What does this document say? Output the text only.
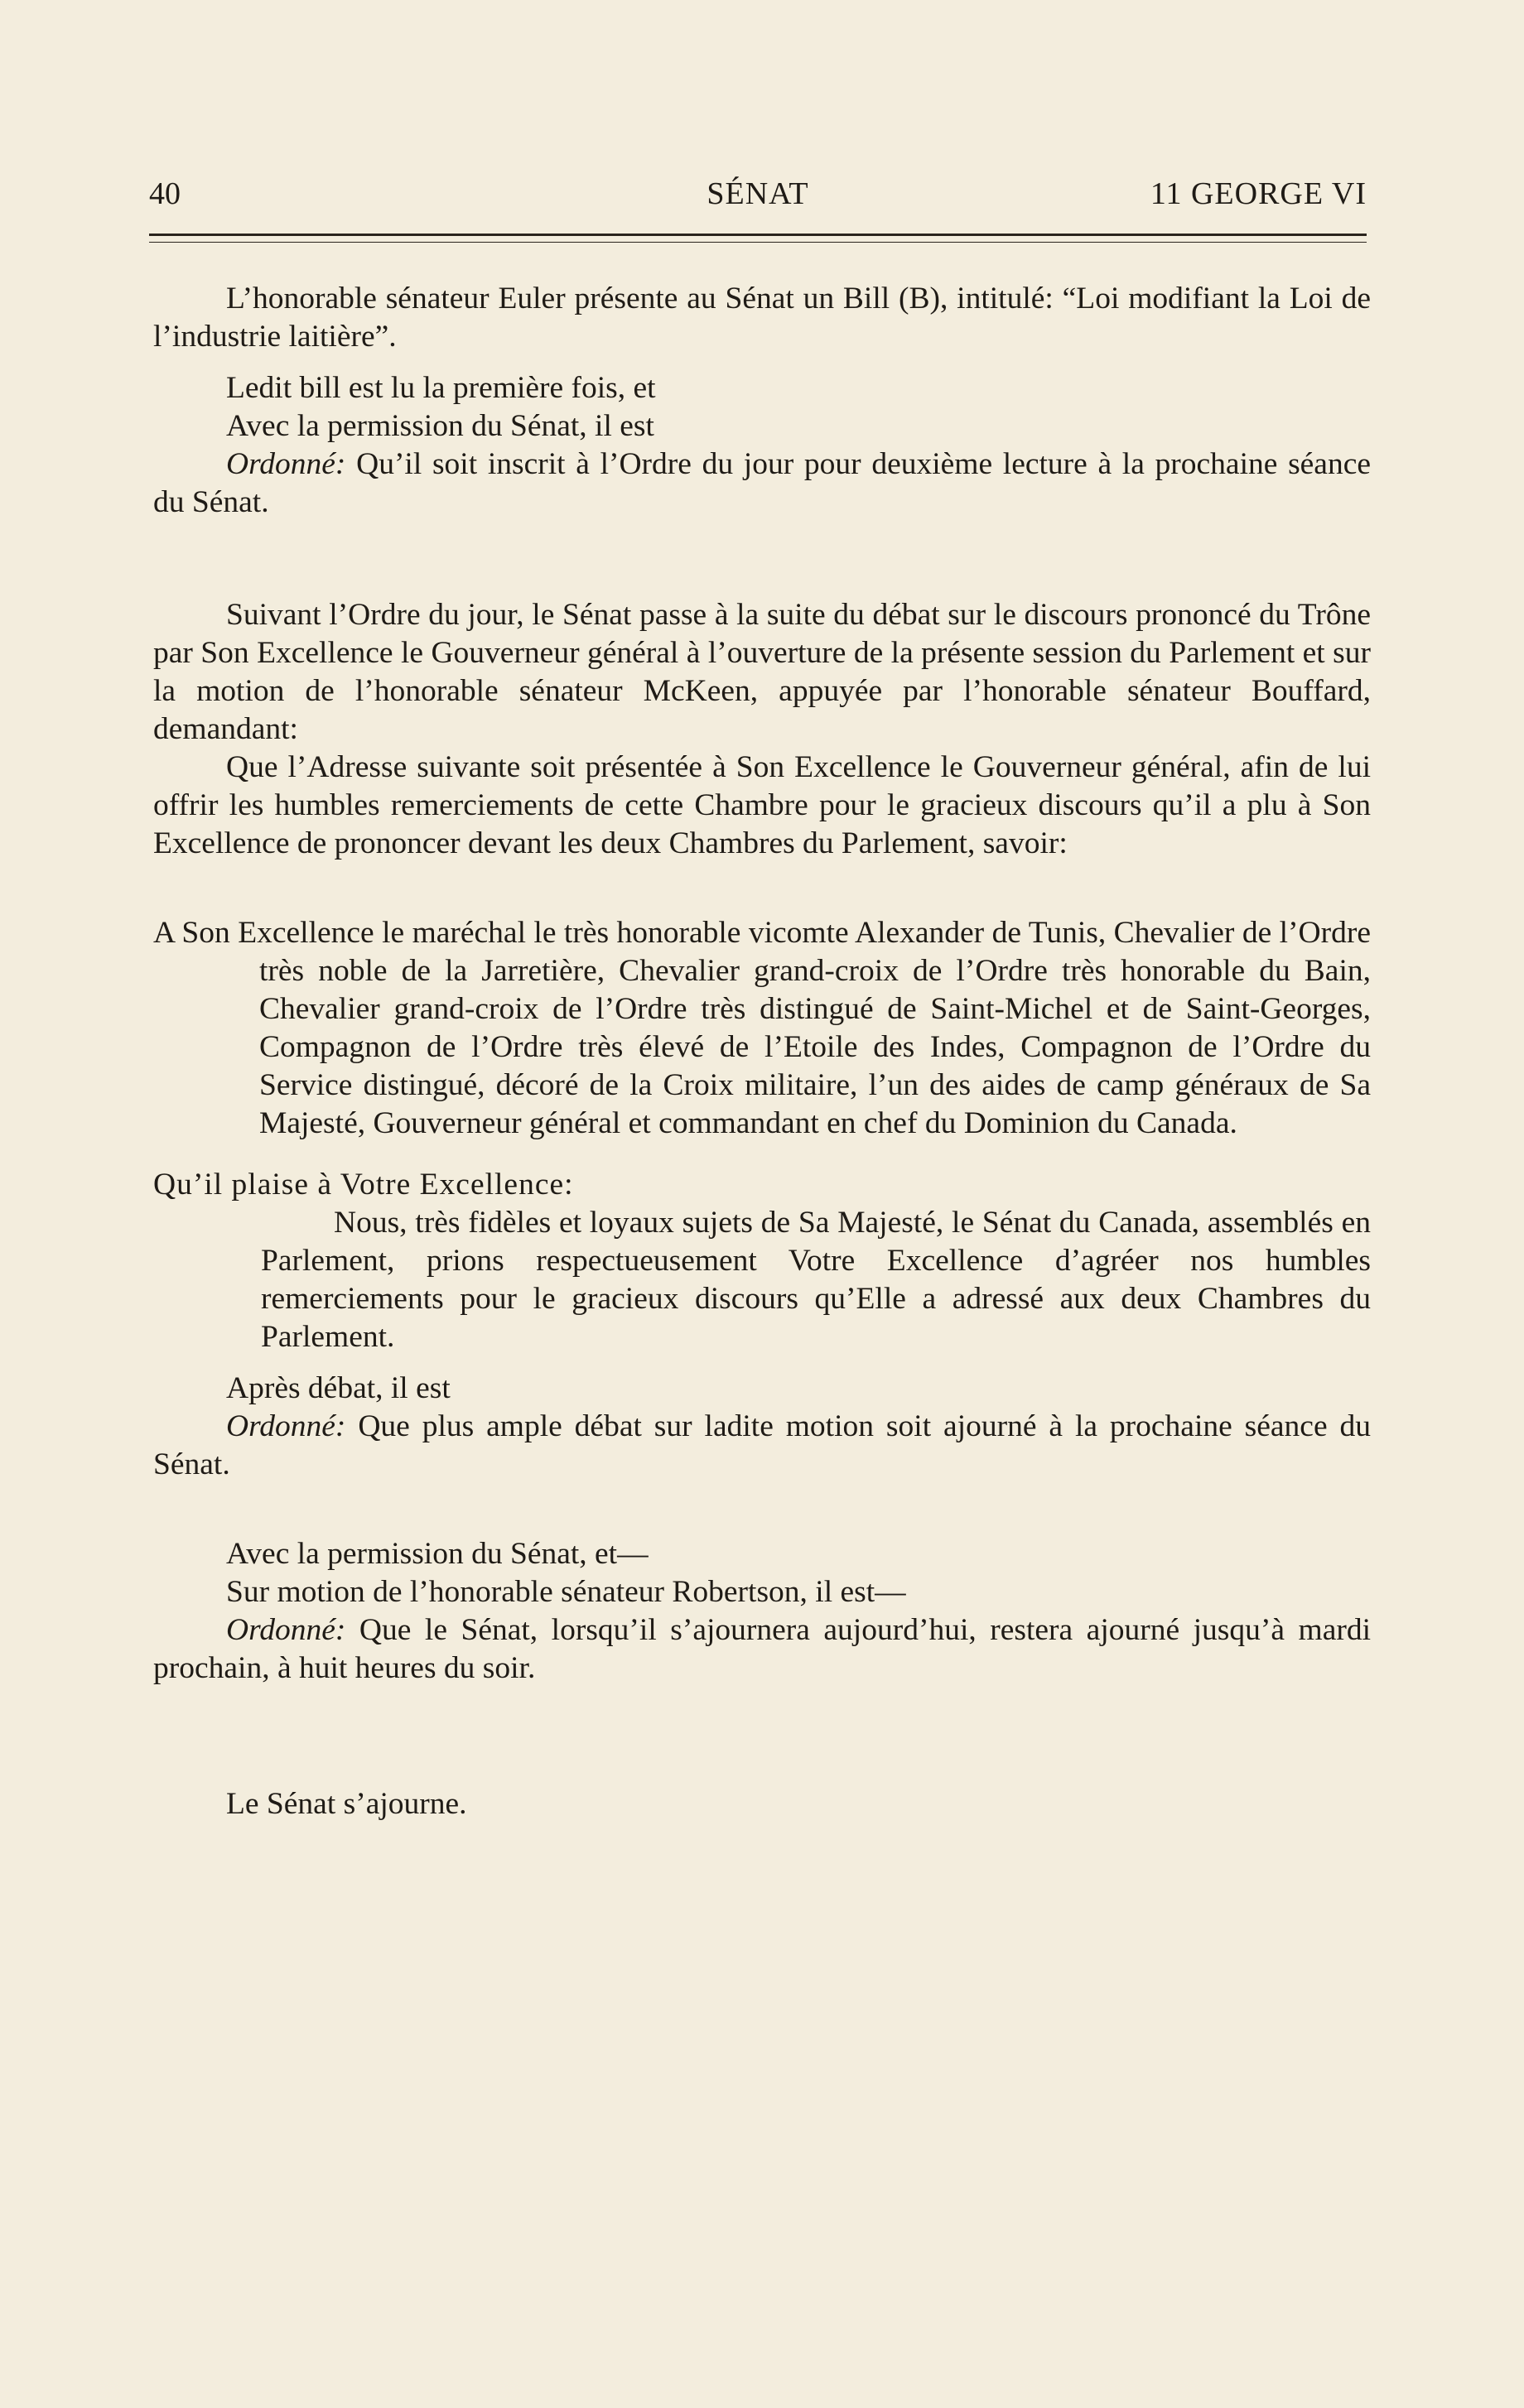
40	SÉNAT	11 GEORGE VI

L’honorable sénateur Euler présente au Sénat un Bill (B), intitulé: “Loi modifiant la Loi de l’industrie laitière”.

Ledit bill est lu la première fois, et

Avec la permission du Sénat, il est

Ordonné: Qu’il soit inscrit à l’Ordre du jour pour deuxième lecture à la prochaine séance du Sénat.

Suivant l’Ordre du jour, le Sénat passe à la suite du débat sur le discours prononcé du Trône par Son Excellence le Gouverneur général à l’ouverture de la présente session du Parlement et sur la motion de l’honorable sénateur McKeen, appuyée par l’honorable sénateur Bouffard, demandant:

Que l’Adresse suivante soit présentée à Son Excellence le Gouverneur général, afin de lui offrir les humbles remerciements de cette Chambre pour le gracieux discours qu’il a plu à Son Excellence de prononcer devant les deux Chambres du Parlement, savoir:

A Son Excellence le maréchal le très honorable vicomte Alexander de Tunis, Chevalier de l’Ordre très noble de la Jarretière, Chevalier grand-croix de l’Ordre très honorable du Bain, Chevalier grand-croix de l’Ordre très distingué de Saint-Michel et de Saint-Georges, Compagnon de l’Ordre très élevé de l’Etoile des Indes, Compagnon de l’Ordre du Service distingué, décoré de la Croix militaire, l’un des aides de camp généraux de Sa Majesté, Gouverneur général et commandant en chef du Dominion du Canada.

Qu’il plaise à Votre Excellence:

Nous, très fidèles et loyaux sujets de Sa Majesté, le Sénat du Canada, assemblés en Parlement, prions respectueusement Votre Excellence d’agréer nos humbles remerciements pour le gracieux discours qu’Elle a adressé aux deux Chambres du Parlement.

Après débat, il est

Ordonné: Que plus ample débat sur ladite motion soit ajourné à la prochaine séance du Sénat.

Avec la permission du Sénat, et—

Sur motion de l’honorable sénateur Robertson, il est—

Ordonné: Que le Sénat, lorsqu’il s’ajournera aujourd’hui, restera ajourné jusqu’à mardi prochain, à huit heures du soir.

Le Sénat s’ajourne.
